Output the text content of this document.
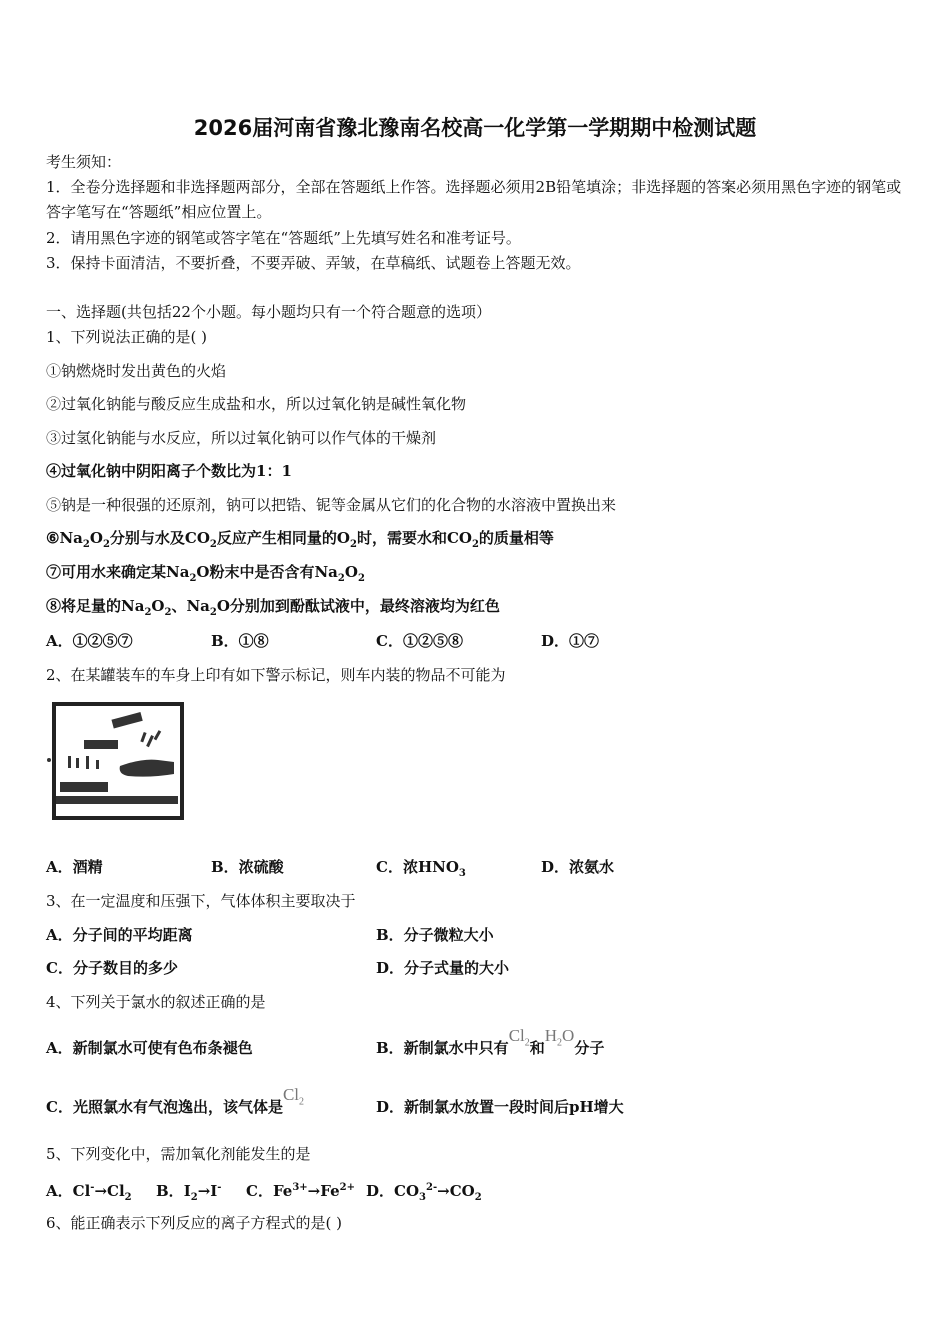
2026届河南省豫北豫南名校高一化学第一学期期中检测试题
考生须知：
1．全卷分选择题和非选择题两部分，全部在答题纸上作答。选择题必须用2B铅笔填涂；非选择题的答案必须用黑色字迹的钢笔或答字笔写在“答题纸”相应位置上。
2．请用黑色字迹的钢笔或答字笔在“答题纸”上先填写姓名和准考证号。
3．保持卡面清洁，不要折叠，不要弄破、弄皱，在草稿纸、试题卷上答题无效。
一、选择题(共包括22个小题。每小题均只有一个符合题意的选项）
1、下列说法正确的是( )
①钠燃烧时发出黄色的火焰
②过氧化钠能与酸反应生成盐和水，所以过氧化钠是碱性氧化物
③过氢化钠能与水反应，所以过氧化钠可以作气体的干燥剂
④过氧化钠中阴阳离子个数比为1：1
⑤钠是一种很强的还原剂，钠可以把锆、铌等金属从它们的化合物的水溶液中置换出来
$⑥Na_2O_2$分别与水及$CO_2$反应产生相同量的$O_2$时，需要水和$CO_2$的质量相等
⑦可用水来确定某$Na_2O$粉末中是否含有$Na_2O_2$
⑧将足量的$Na_2O_2$、$Na_2O$分别加到酚酞试液中，最终溶液均为红色
A．①②⑤⑦	B．①⑧	C．①②⑤⑧	D．①⑦
2、在某罐装车的车身上印有如下警示标记，则车内装的物品不可能为
A．酒精	B．浓硫酸	C．浓$HNO_3$	D．浓氨水
3、在一定温度和压强下，气体体积主要取决于
A．分子间的平均距离	B．分子微粒大小
C．分子数目的多少	D．分子式量的大小
4、下列关于氯水的叙述正确的是
A．新制氯水可使有色布条褪色	B．新制氯水中只有$Cl_2$和$H_2O$分子
C．光照氯水有气泡逸出，该气体是$Cl_2$	D．新制氯水放置一段时间后pH增大
5、下列变化中，需加氧化剂能发生的是
A．$Cl^-\to Cl_2$ B．$I_2\to I^-$ C．$Fe^{3+}\to Fe^{2+}$ D．$CO_3^{2-}\to CO_2$
6、能正确表示下列反应的离子方程式的是( )
